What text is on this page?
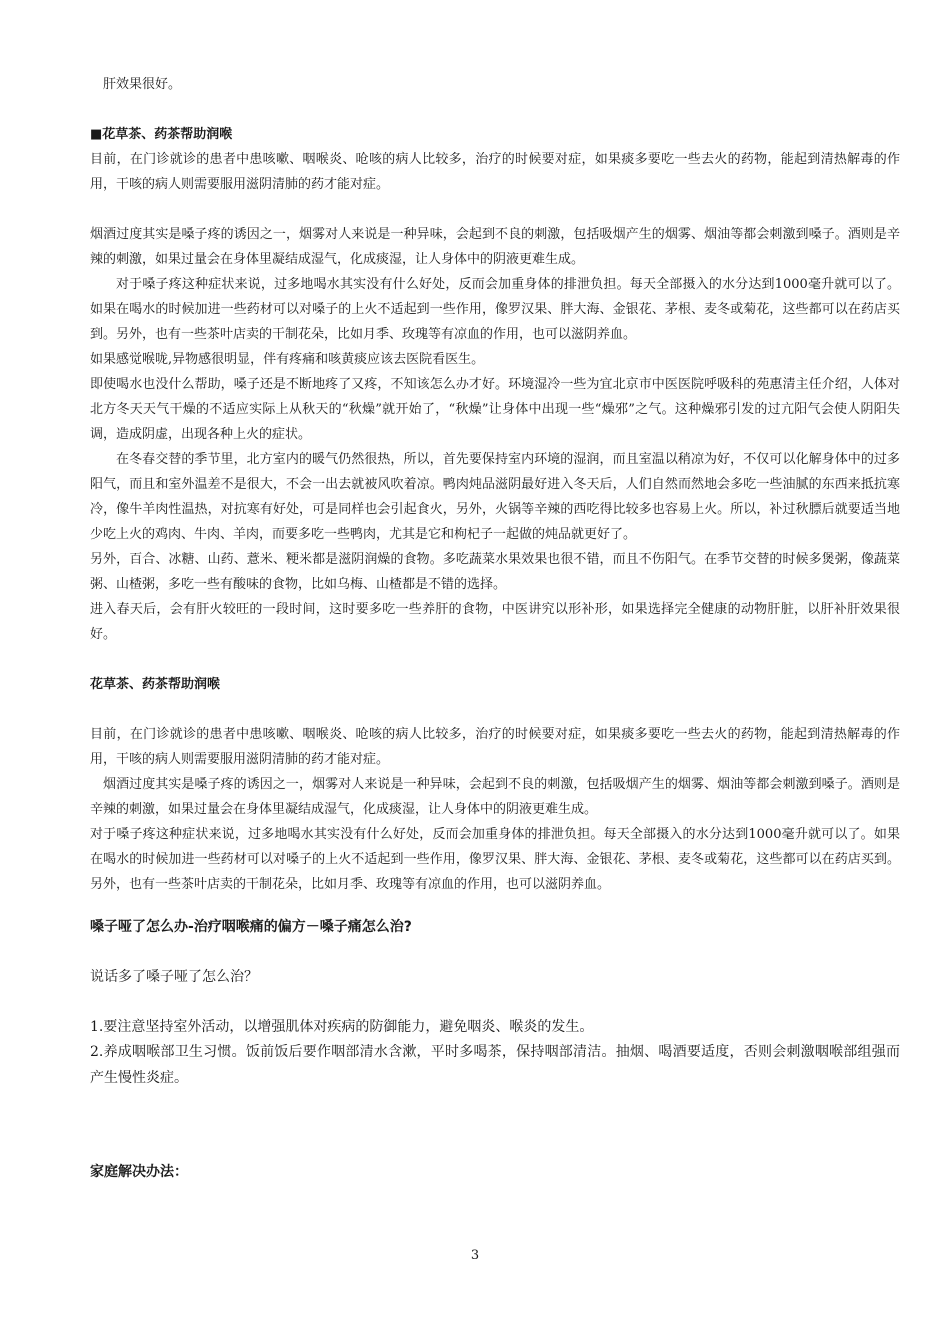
肝效果很好。

■花草茶、药茶帮助润喉

目前，在门诊就诊的患者中患咳嗽、咽喉炎、呛咳的病人比较多，治疗的时候要对症，如果痰多要吃一些去火的药物，能起到清热解毒的作用，干咳的病人则需要服用滋阴清肺的药才能对症。

烟酒过度其实是嗓子疼的诱因之一，烟雾对人来说是一种异味，会起到不良的刺激，包括吸烟产生的烟雾、烟油等都会刺激到嗓子。酒则是辛辣的刺激，如果过量会在身体里凝结成湿气，化成痰湿，让人身体中的阴液更难生成。

对于嗓子疼这种症状来说，过多地喝水其实没有什么好处，反而会加重身体的排泄负担。每天全部摄入的水分达到1000毫升就可以了。如果在喝水的时候加进一些药材可以对嗓子的上火不适起到一些作用，像罗汉果、胖大海、金银花、茅根、麦冬或菊花，这些都可以在药店买到。另外，也有一些茶叶店卖的干制花朵，比如月季、玫瑰等有凉血的作用，也可以滋阴养血。

如果感觉喉咙,异物感很明显，伴有疼痛和咳黄痰应该去医院看医生。

即使喝水也没什么帮助，嗓子还是不断地疼了又疼，不知该怎么办才好。环境湿冷一些为宜北京市中医医院呼吸科的苑惠清主任介绍，人体对北方冬天天气干燥的不适应实际上从秋天的“秋燥”就开始了，“秋燥”让身体中出现一些“燥邪”之气。这种燥邪引发的过亢阳气会使人阴阳失调，造成阴虚，出现各种上火的症状。

在冬春交替的季节里，北方室内的暖气仍然很热，所以，首先要保持室内环境的湿润，而且室温以稍凉为好，不仅可以化解身体中的过多阳气，而且和室外温差不是很大，不会一出去就被风吹着凉。鸭肉炖品滋阴最好进入冬天后，人们自然而然地会多吃一些油腻的东西来抵抗寒冷，像牛羊肉性温热，对抗寒有好处，可是同样也会引起食火，另外，火锅等辛辣的西吃得比较多也容易上火。所以，补过秋膘后就要适当地少吃上火的鸡肉、牛肉、羊肉，而要多吃一些鸭肉，尤其是它和枸杞子一起做的炖品就更好了。

另外，百合、冰糖、山药、薏米、粳米都是滋阴润燥的食物。多吃蔬菜水果效果也很不错，而且不伤阳气。在季节交替的时候多煲粥，像蔬菜粥、山楂粥，多吃一些有酸味的食物，比如乌梅、山楂都是不错的选择。

进入春天后，会有肝火较旺的一段时间，这时要多吃一些养肝的食物，中医讲究以形补形，如果选择完全健康的动物肝脏，以肝补肝效果很好。

花草茶、药茶帮助润喉

目前，在门诊就诊的患者中患咳嗽、咽喉炎、呛咳的病人比较多，治疗的时候要对症，如果痰多要吃一些去火的药物，能起到清热解毒的作用，干咳的病人则需要服用滋阴清肺的药才能对症。

烟酒过度其实是嗓子疼的诱因之一，烟雾对人来说是一种异味，会起到不良的刺激，包括吸烟产生的烟雾、烟油等都会刺激到嗓子。酒则是辛辣的刺激，如果过量会在身体里凝结成湿气，化成痰湿，让人身体中的阴液更难生成。

对于嗓子疼这种症状来说，过多地喝水其实没有什么好处，反而会加重身体的排泄负担。每天全部摄入的水分达到1000毫升就可以了。如果在喝水的时候加进一些药材可以对嗓子的上火不适起到一些作用，像罗汉果、胖大海、金银花、茅根、麦冬或菊花，这些都可以在药店买到。另外，也有一些茶叶店卖的干制花朵，比如月季、玫瑰等有凉血的作用，也可以滋阴养血。

嗓子哑了怎么办-治疗咽喉痛的偏方－嗓子痛怎么治?

说话多了嗓子哑了怎么治？

1.要注意坚持室外活动，以增强肌体对疾病的防御能力，避免咽炎、喉炎的发生。

2.养成咽喉部卫生习惯。饭前饭后要作咽部清水含漱，平时多喝茶，保持咽部清洁。抽烟、喝酒要适度，否则会刺激咽喉部组强而产生慢性炎症。

家庭解决办法：

3
